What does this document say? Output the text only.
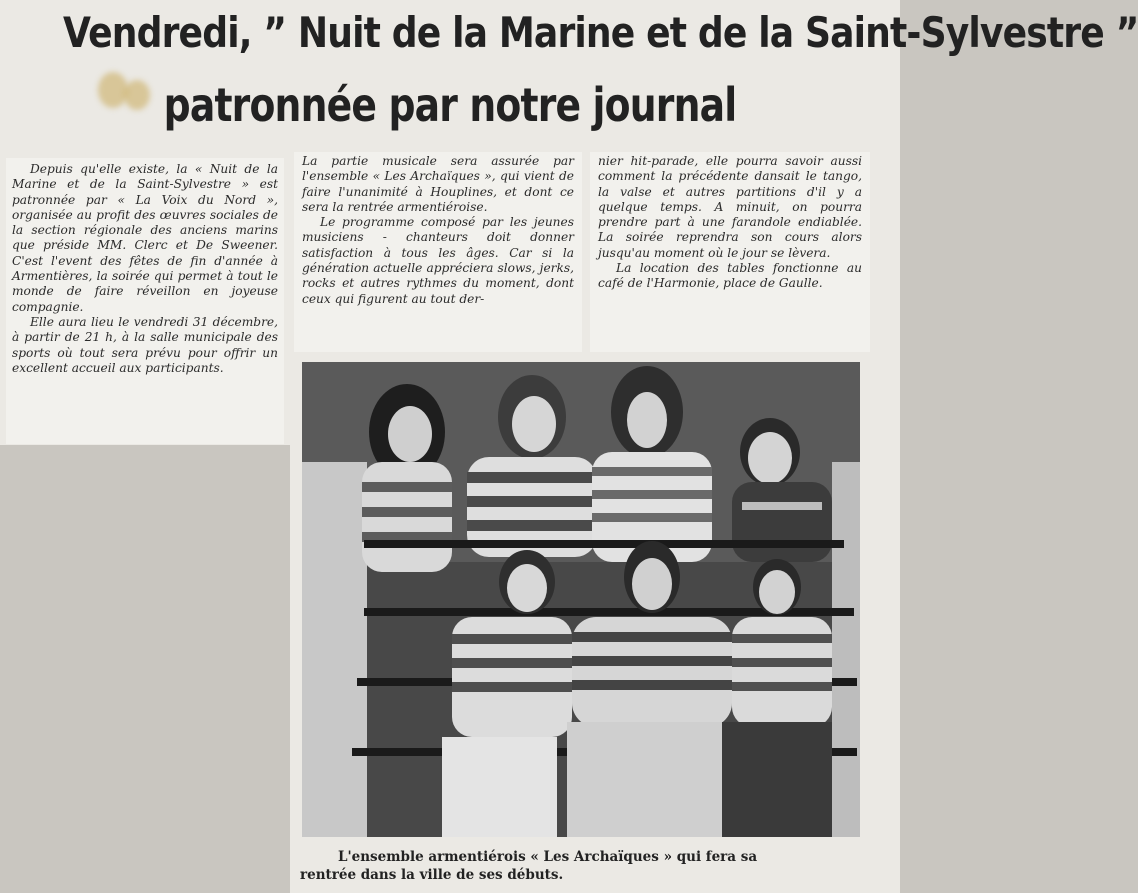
Vendredi, ” Nuit de la Marine et de la Saint-Sylvestre ”
patronnée par notre journal

Depuis qu'elle existe, la « Nuit de la Marine et de la Saint-Sylvestre » est patronnée par « La Voix du Nord », organisée au profit des œuvres sociales de la section régionale des anciens marins que préside MM. Clerc et De Sweener. C'est l'event des fêtes de fin d'année à Armentières, la soirée qui permet à tout le monde de faire réveillon en joyeuse compagnie.

Elle aura lieu le vendredi 31 décembre, à partir de 21 h, à la salle municipale des sports où tout sera prévu pour offrir un excellent accueil aux participants.

La partie musicale sera assurée par l'ensemble « Les Archaïques », qui vient de faire l'unanimité à Houplines, et dont ce sera la rentrée armentiéroise.

Le programme composé par les jeunes musiciens - chanteurs doit donner satisfaction à tous les âges. Car si la génération actuelle appréciera slows, jerks, rocks et autres rythmes du moment, dont ceux qui figurent au tout der-

nier hit-parade, elle pourra savoir aussi comment la précédente dansait le tango, la valse et autres partitions d'il y a quelque temps. A minuit, on pourra prendre part à une farandole endiablée. La soirée reprendra son cours alors jusqu'au moment où le jour se lèvera.

La location des tables fonctionne au café de l'Harmonie, place de Gaulle.

L'ensemble armentiérois « Les Archaïques » qui fera sa
rentrée dans la ville de ses débuts.
